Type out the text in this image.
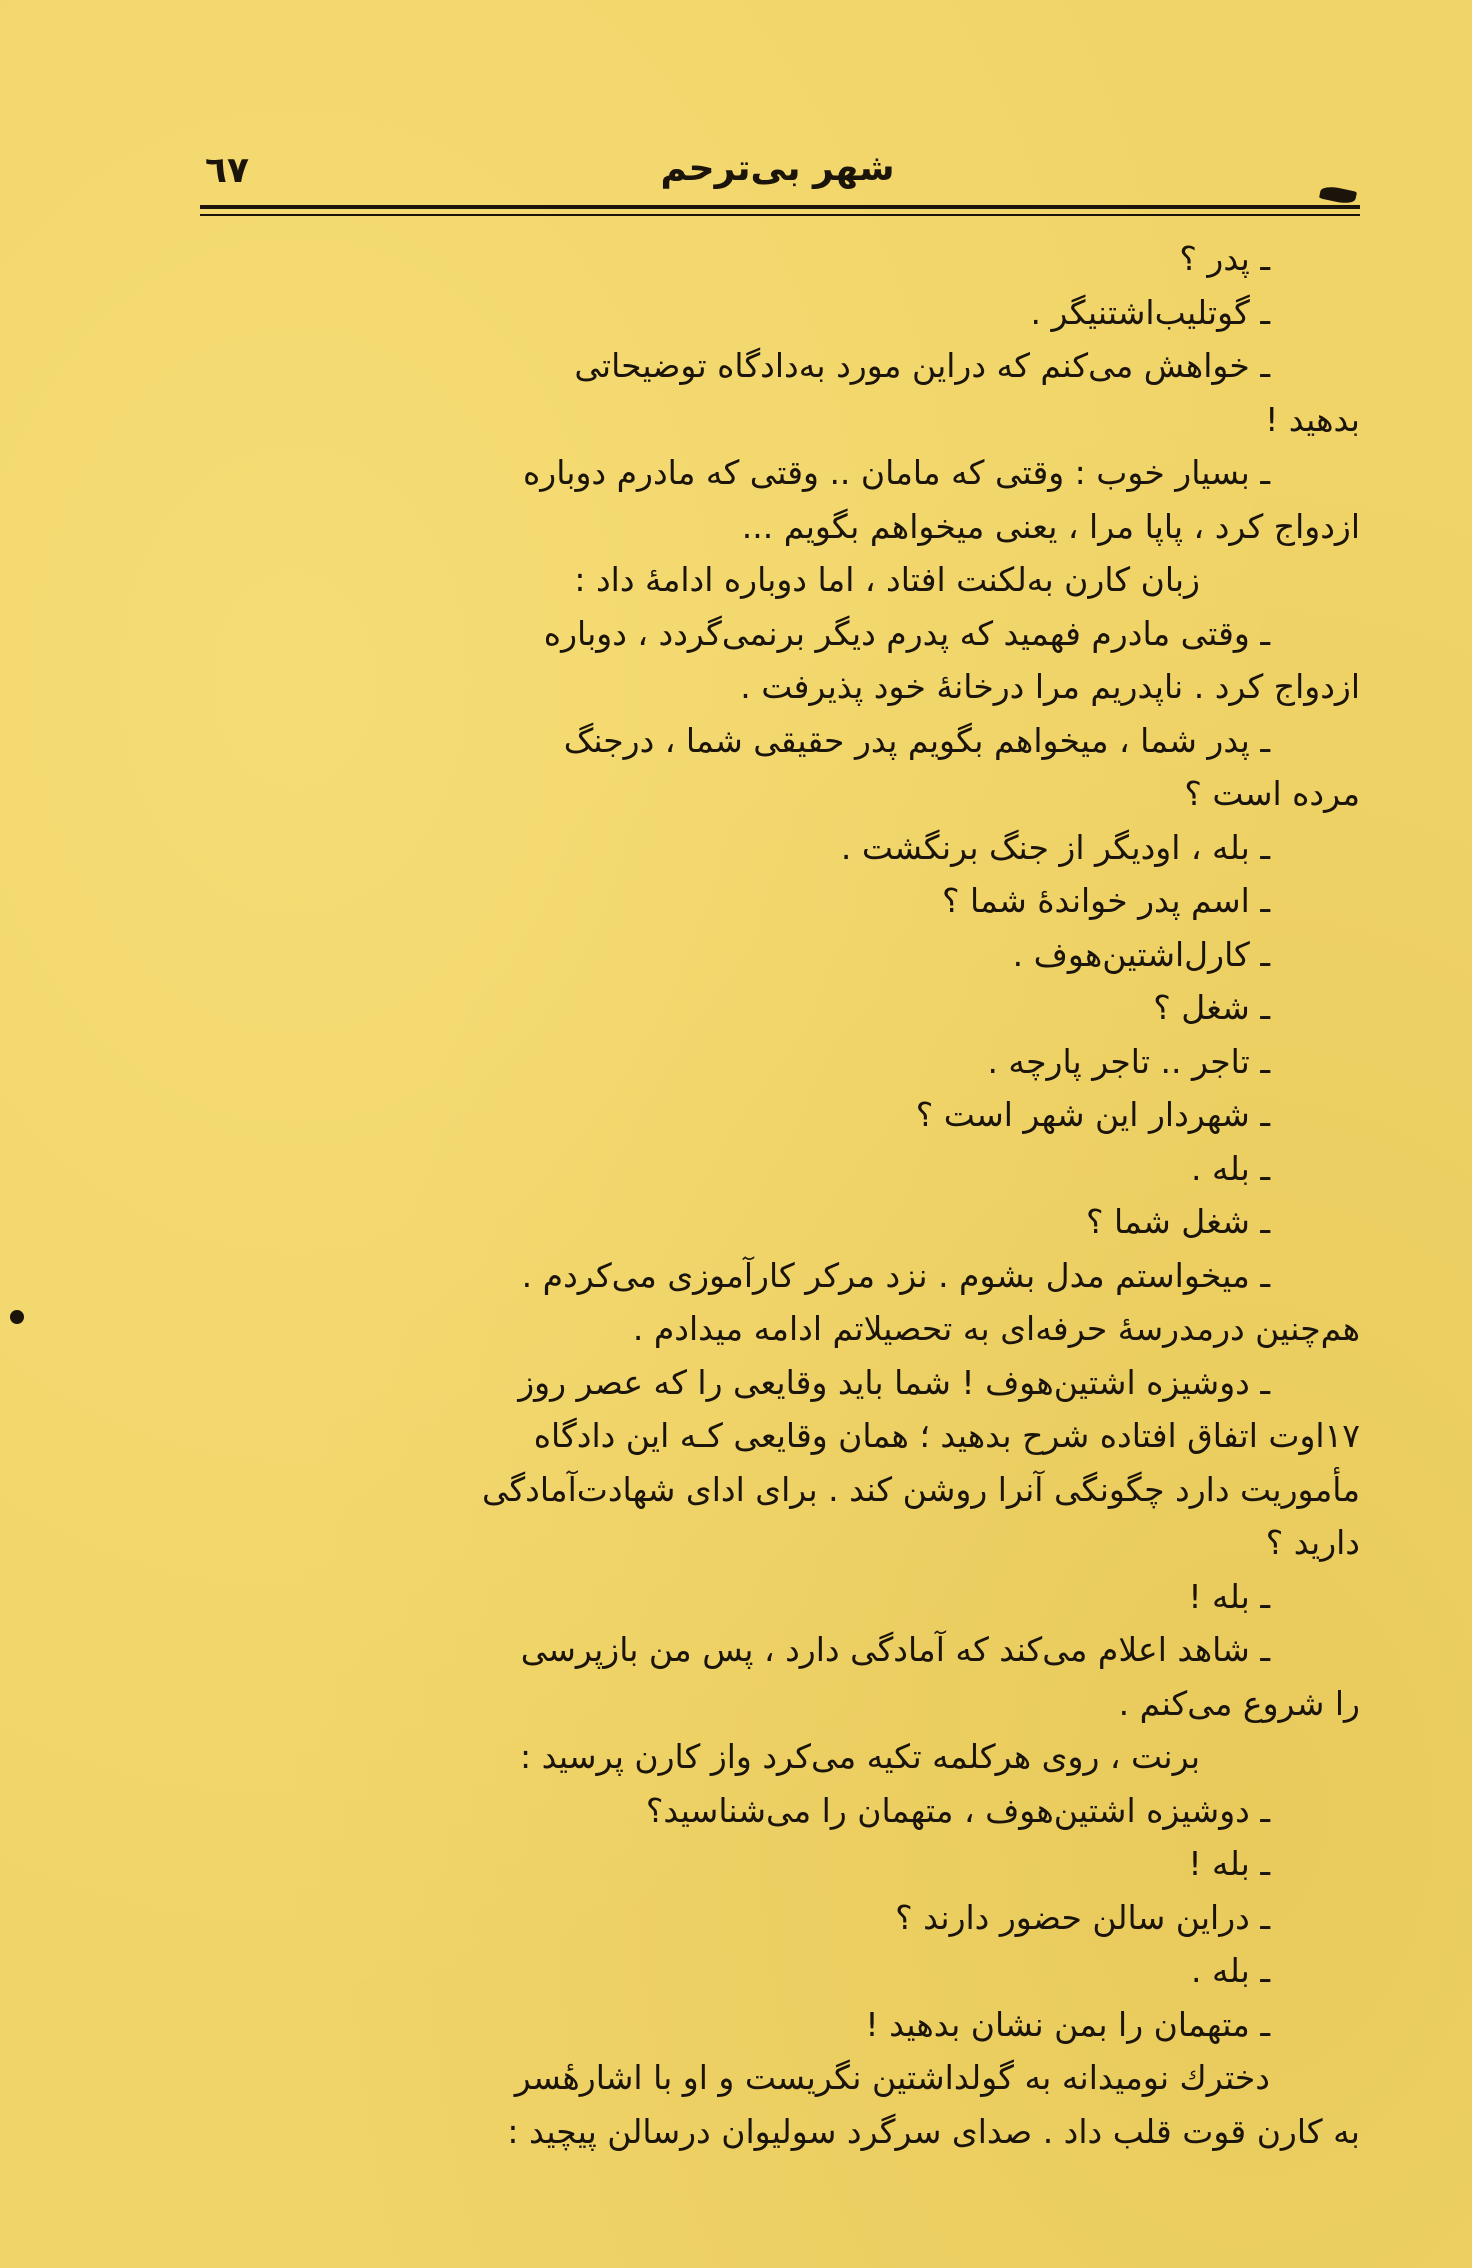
٦٧	شهر بی‌ترحم
ـ پدر ؟
ـ گوتلیب‌اشتنیگر .
ـ خواهش می‌کنم که دراین مورد به‌دادگاه توضیحاتی
بدهید !
ـ بسیار خوب : وقتی که مامان .. وقتی که مادرم دوباره
ازدواج کرد ، پاپا مرا ، یعنی میخواهم بگویم ...
زبان کارن به‌لکنت افتاد ، اما دوباره ادامهٔ داد :
ـ وقتی مادرم فهمید که پدرم دیگر برنمی‌گردد ، دوباره
ازدواج کرد . ناپدریم مرا درخانهٔ خود پذیرفت .
ـ پدر شما ، میخواهم بگویم پدر حقیقی شما ، درجنگ
مرده است ؟
ـ بله ، اودیگر از جنگ برنگشت .
ـ اسم پدر خواندهٔ شما ؟
ـ کارل‌اشتین‌هوف .
ـ شغل ؟
ـ تاجر .. تاجر پارچه .
ـ شهردار این شهر است ؟
ـ بله .
ـ شغل شما ؟
ـ میخواستم مدل بشوم . نزد مرکر کارآموزی می‌کردم .
هم‌چنین درمدرسهٔ حرفه‌ای به تحصیلاتم ادامه میدادم .
ـ دوشیزه اشتین‌هوف ! شما باید وقایعی را که عصر روز
۱۷اوت اتفاق افتاده شرح بدهید ؛ همان وقایعی کـه این دادگاه
مأموریت دارد چگونگی آنرا روشن کند . برای ادای شهادت‌آمادگی
دارید ؟
ـ بله !
ـ شاهد اعلام می‌کند که آمادگی دارد ، پس من بازپرسی
را شروع می‌کنم .
برنت ، روی هرکلمه تکیه می‌کرد واز کارن پرسید :
ـ دوشیزه اشتین‌هوف ، متهمان را می‌شناسید؟
ـ بله !
ـ دراین سالن حضور دارند ؟
ـ بله .
ـ متهمان را بمن نشان بدهید !
دخترك نومیدانه به گولداشتین نگریست و او با اشارهٔسر
به کارن قوت قلب داد . صدای سرگرد سولیوان درسالن پیچید :
